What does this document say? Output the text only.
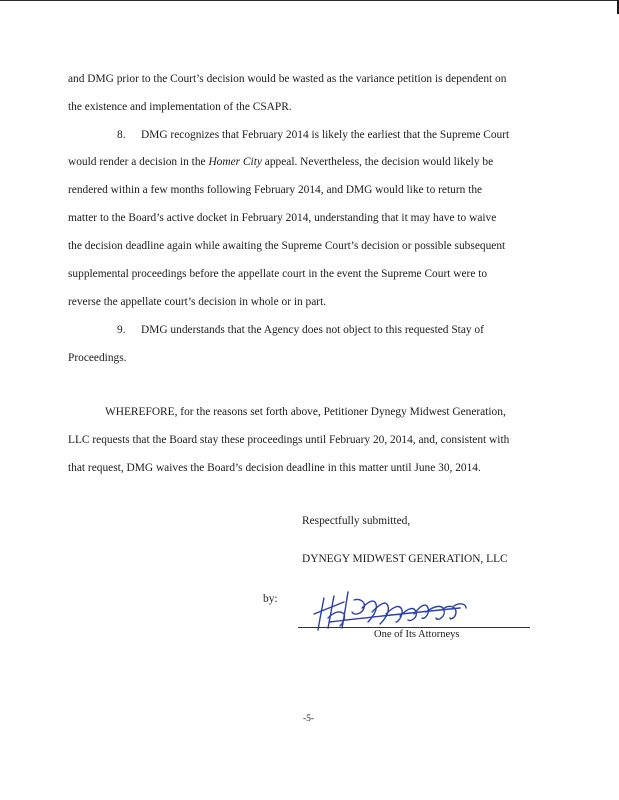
and DMG prior to the Court’s decision would be wasted as the variance petition is dependent on
the existence and implementation of the CSAPR.
8. DMG recognizes that February 2014 is likely the earliest that the Supreme Court
would render a decision in the Homer City appeal. Nevertheless, the decision would likely be
rendered within a few months following February 2014, and DMG would like to return the
matter to the Board’s active docket in February 2014, understanding that it may have to waive
the decision deadline again while awaiting the Supreme Court’s decision or possible subsequent
supplemental proceedings before the appellate court in the event the Supreme Court were to
reverse the appellate court’s decision in whole or in part.
9. DMG understands that the Agency does not object to this requested Stay of
Proceedings.
WHEREFORE, for the reasons set forth above, Petitioner Dynegy Midwest Generation,
LLC requests that the Board stay these proceedings until February 20, 2014, and, consistent with
that request, DMG waives the Board’s decision deadline in this matter until June 30, 2014.
Respectfully submitted,
DYNEGY MIDWEST GENERATION, LLC
by:
One of Its Attorneys
-5-
